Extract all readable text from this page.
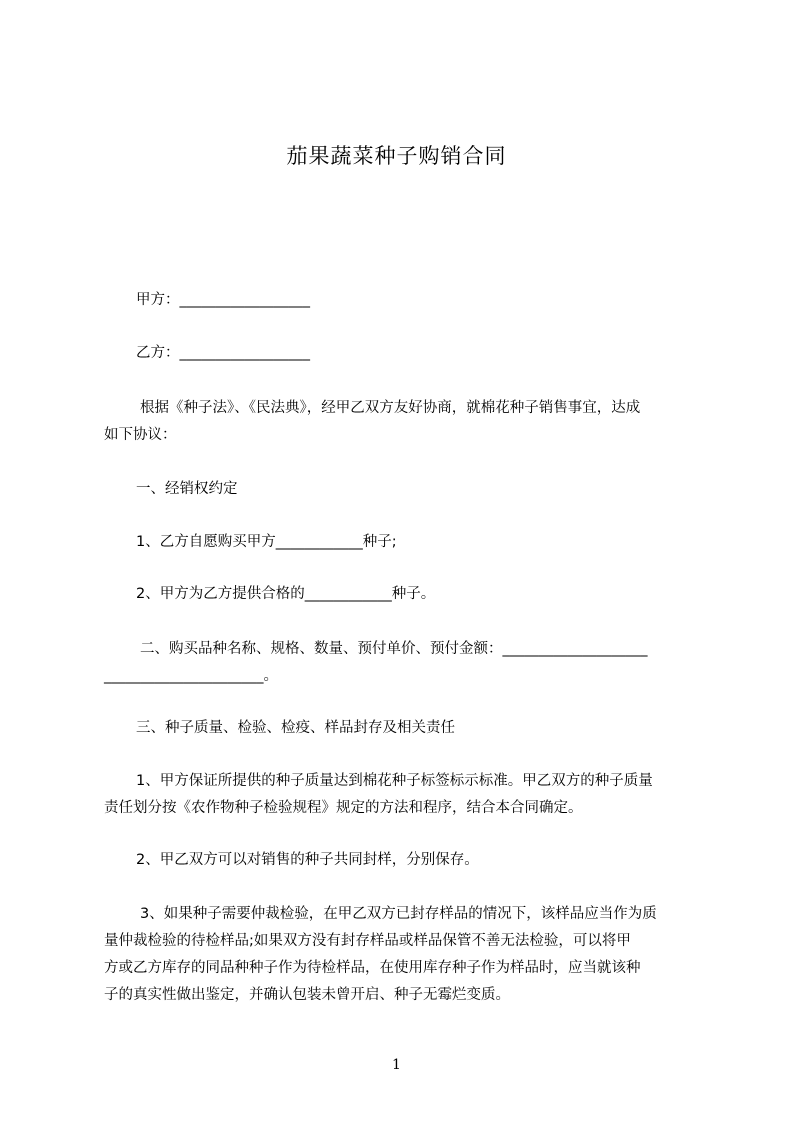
茄果蔬菜种子购销合同
甲方：__________________
乙方：__________________
根据《种子法》、《民法典》，经甲乙双方友好协商，就棉花种子销售事宜，达成
如下协议：
一、经销权约定
1、乙方自愿购买甲方____________种子;
2、甲方为乙方提供合格的____________种子。
二、购买品种名称、规格、数量、预付单价、预付金额：____________________
______________________。
三、种子质量、检验、检疫、样品封存及相关责任
1、甲方保证所提供的种子质量达到棉花种子标签标示标准。甲乙双方的种子质量
责任划分按《农作物种子检验规程》规定的方法和程序，结合本合同确定。
2、甲乙双方可以对销售的种子共同封样，分别保存。
3、如果种子需要仲裁检验，在甲乙双方已封存样品的情况下，该样品应当作为质
量仲裁检验的待检样品;如果双方没有封存样品或样品保管不善无法检验，可以将甲
方或乙方库存的同品种种子作为待检样品，在使用库存种子作为样品时，应当就该种
子的真实性做出鉴定，并确认包装未曾开启、种子无霉烂变质。
1
